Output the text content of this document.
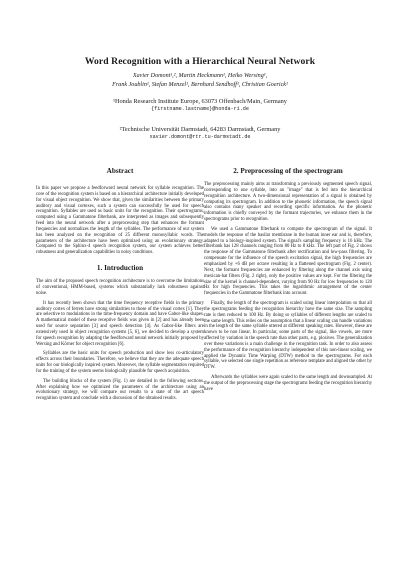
Word Recognition with a Hierarchical Neural Network
Xavier Domont¹,², Martin Heckmann¹, Heiko Wersing¹,
Frank Joublin¹, Stefan Menzel¹, Bernhard Sendhoff¹, Christian Goerick¹
¹Honda Research Institute Europe, 63073 Offenbach/Main, Germany
{firstname.lastname}@honda-ri.de
²Technische Universität Darmstadt, 64283 Darmstadt, Germany
xavier.domont@rtr.tu-darmstadt.de
Abstract

In this paper we propose a feedforward neural network for syllable recognition. The core of the recognition system is based on a hierarchical architecture initially developed for visual object recognition. We show that, given the similarities between the primary auditory and visual cortexes, such a system can successfully be used for speech recognition. Syllables are used as basic units for the recognition. Their spectrograms, computed using a Gammatone filterbank, are interpreted as images and subsequently feed into the neural network after a preprocessing step that enhances the formant frequencies and normalizes the length of the syllables. The performance of our system has been analyzed on the recognition of 25 different monosyllabic words. The parameters of the architecture have been optimized using an evolutionary strategy. Compared to the Sphinx-4 speech recognition system, our system achieves better robustness and generalization capabilities in noisy conditions.

1. Introduction

The aim of the proposed speech recognition architecture is to overcome the limitations of conventional, HMM-based, systems which substantially lack robustness against noise.

It has recently been shown that the time frequency receptive fields in the primary auditory cortex of ferrets have strong similarities to those of the visual cortex [1]. They are selective to modulations in the time-frequency domain and have Gabor-like shapes. A mathematical model of these receptive fields was given in [2] and has already been used for source separation [3] and speech detection [4]. As Gabor-like filters are extensively used in object recognition systems [5, 6], we decided to develop a system for speech recognition by adapting the feedforward neural network initially proposed by Wersing and Körner for object recognition [6].

Syllables are the basic units for speech production and show less co-articulatory effects across their boundaries. Therefore, we believe that they are the adequate speech units for our biologically inspired system. Moreover, the syllable segmentation required for the training of the system seems biologically plausible for speech acquisition.

The building blocks of the system (Fig. 1) are detailed in the following sections. After explaining how we optimized the parameters of the architecture using an evolutionary strategy, we will compare our results to a state of the art speech recognition system and conclude with a discussion of the obtained results.

2. Preprocessing of the spectrogram

The preprocessing mainly aims at transforming a previously segmented speech signal, corresponding to one syllable, into an "image" that is fed into the hierarchical recognition architecture. A two-dimensional representation of a signal is obtained by computing its spectrogram. In addition to the phonetic information, the speech signal also contains many speaker and recording specific information. As the phonetic information is chiefly conveyed by the formant trajectories, we enhance them in the spectrograms prior to recognition.

We used a Gammatone filterbank to compute the spectrogram of the signal. It models the response of the basilar membrane in the human inner ear and is, therefore, adapted to a biology-inspired system. The signal's sampling frequency is 16 kHz. The filterbank has 128 channels ranging from 80 Hz to 8 kHz. The left part of Fig. 2 shows the response of the Gammatone filterbank after rectification and low-pass filtering. To compensate for the influence of the speech excitation signal, the high frequencies are emphasized by +6 dB per octave resulting in a flattened spectrogram (Fig. 2 center). Next, the formant frequencies are enhanced by filtering along the channel axis using mexican-hat filters (Fig. 2 right), only the positive values are kept. For the filtering the size of the kernel is channel-dependent, varying from 90 Hz for low frequencies to 120 Hz for high frequencies. This takes the logarithmic arrangement of the center frequencies in the Gammatone filterbank into account.

Finally, the length of the spectrogram is scaled using linear interpolation so that all the spectrograms feeding the recognition hierarchy have the same size. The sampling rate is then reduced to 100 Hz. By doing so syllables of different lengths are scaled to the same length. This relies on the assumption that a linear scaling can handle variations in the length of the same syllable uttered at different speaking rates. However, these are known to be non linear. In particular, some parts of the signal, like vowels, are more affected by variation in the speech rate than other parts, e.g. plosives. The generalization over these variations is a main challenge in the recognition task. In order to also assess the performance of the recognition hierarchy independent of this non-linear scaling, we applied the Dynamic Time Warping (DTW) method to the spectrograms. For each syllable, we selected one single repetition as reference template and aligned the other by DTW.

Afterwards the syllables were again scaled to the same length and downsampled. At the output of the preprocessing stage the spectrograms feeding the recognition hierarchy have
